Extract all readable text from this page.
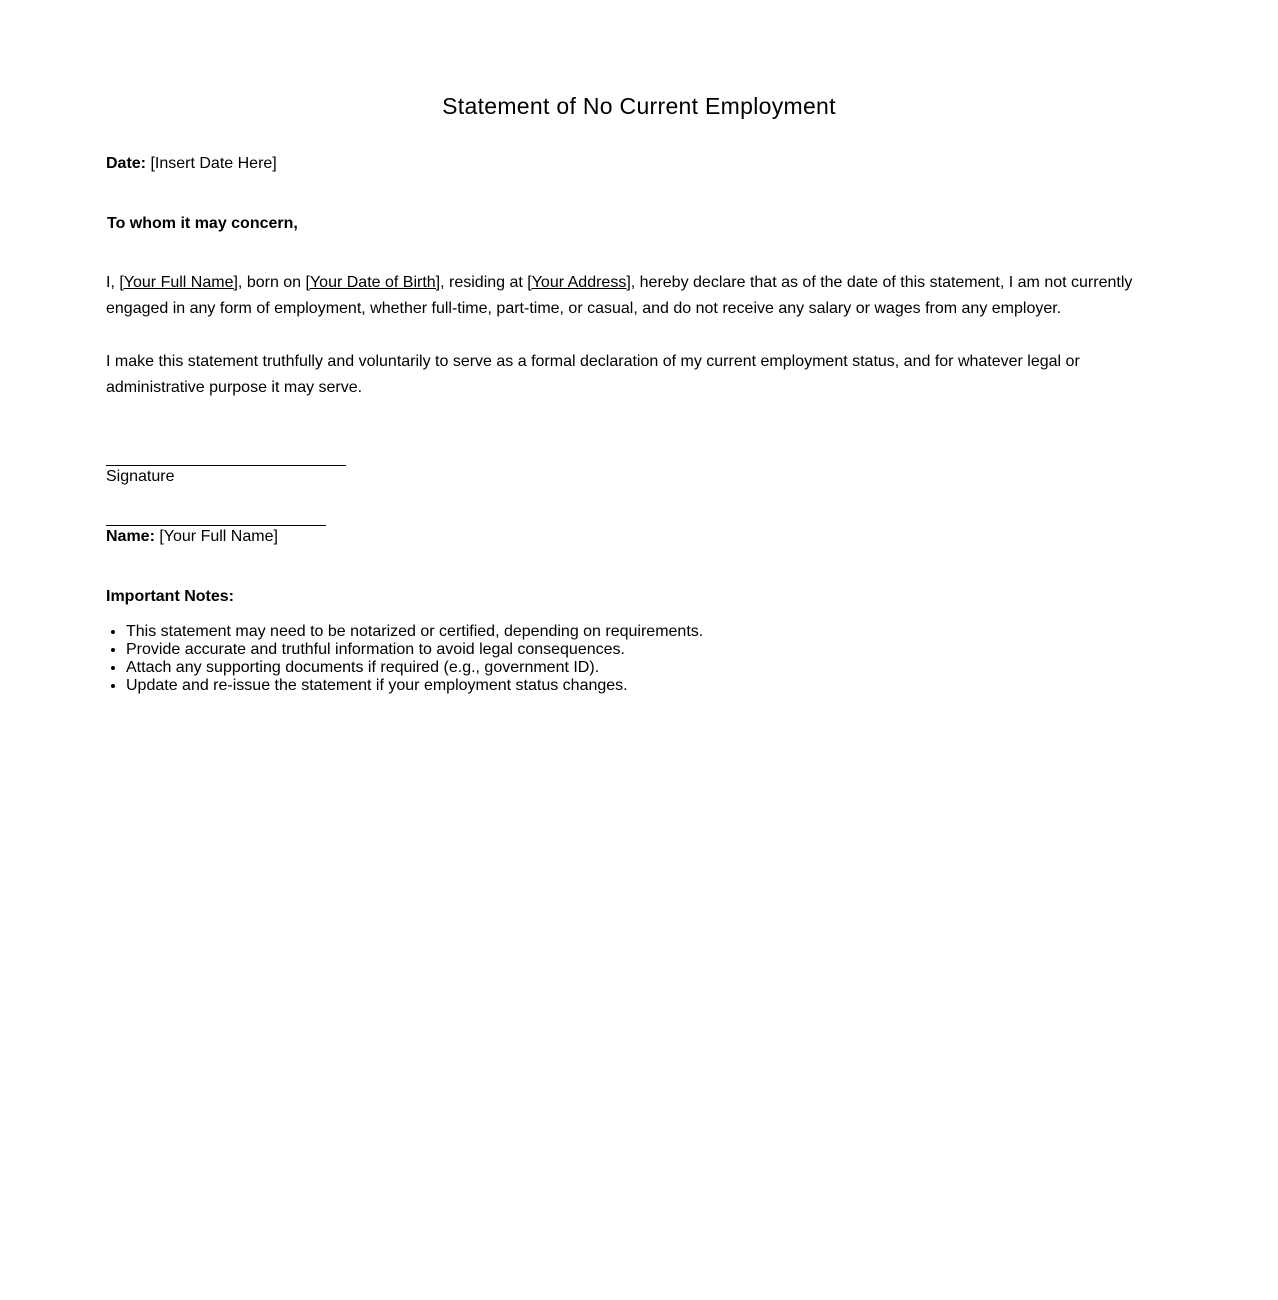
Statement of No Current Employment
Date: [Insert Date Here]
To whom it may concern,

I, [Your Full Name], born on [Your Date of Birth], residing at [Your Address], hereby declare that as of the date of this statement, I am not currently engaged in any form of employment, whether full-time, part-time, or casual, and do not receive any salary or wages from any employer.

I make this statement truthfully and voluntarily to serve as a formal declaration of my current employment status, and for whatever legal or administrative purpose it may serve.

Signature
Name: [Your Full Name]
Important Notes:
• This statement may need to be notarized or certified, depending on requirements.
• Provide accurate and truthful information to avoid legal consequences.
• Attach any supporting documents if required (e.g., government ID).
• Update and re-issue the statement if your employment status changes.
